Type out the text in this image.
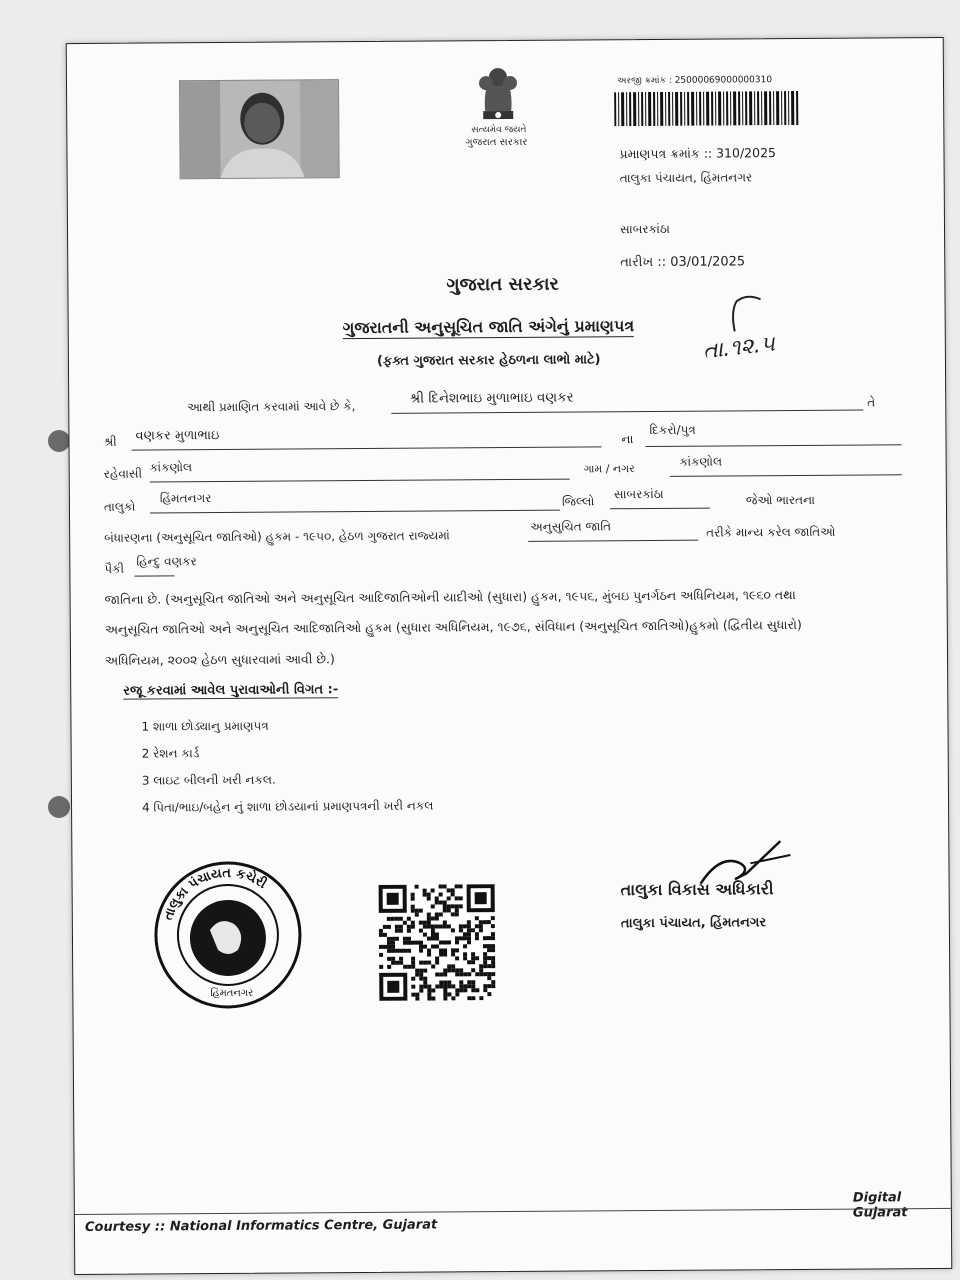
સત્યમેવ જયતે
ગુજરાત સરકાર
અરજી ક્રમાંક : 25000069000000310
પ્રમાણપત્ર ક્રમાંક :: 310/2025
તાલુકા પંચાયત, હિંમતનગર
સાબરકાંઠા
તારીખ :: 03/01/2025
ગુજરાત સરકાર
ગુજરાતની અનુસૂચિત જાતિ અંગેનું પ્રમાણપત્ર
(ફક્ત ગુજરાત સરકાર હેઠળના લાભો માટે)	તા.૧૨.૫
આથી પ્રમાણિત કરવામાં આવે છે કે,	શ્રી દિનેશભાઇ મુળાભાઇ વણકર	તે
શ્રી વણકર મુળાભાઇ	ના
દિકરો/પુત્ર
રહેવાસી કાંકણોલ	ગામ / નગર	કાંકણોલ
તાલુકો
હિંમતનગર	જિલ્લો
સાબરકાંઠા	જેઓ ભારતના
બંધારણના (અનુસૂચિત જાતિઓ) હુકમ - ૧૯૫૦, હેઠળ ગુજરાત રાજ્યમાં
અનુસુચિત જાતિ	તરીકે માન્ય કરેલ જાતિઓ
પૈકી
હિન્દુ વણકર
જાતિના છે. (અનુસૂચિત જાતિઓ અને અનુસૂચિત આદિજાતિઓની યાદીઓ (સુધારા) હુકમ, ૧૯૫૬, મુંબઇ પુનર્ગઠન અધિનિયમ, ૧૯૬૦ તથા
અનુસૂચિત જાતિઓ અને અનુસૂચિત આદિજાતિઓ હુકમ (સુધારા અધિનિયમ, ૧૯૭૬, સંવિધાન (અનુસૂચિત જાતિઓ)હુકમો (દ્વિતીય સુધારો)
અધિનિયમ, ૨૦૦૨ હેઠળ સુધારવામાં આવી છે.)
રજૂ કરવામાં આવેલ પુરાવાઓની વિગત :-
1 શાળા છોડ્યાનુ પ્રમાણપત્ર
2 રેશન કાર્ડ
3 લાઇટ બીલની ખરી નકલ.
4 પિતા/ભાઇ/બહેન નું શાળા છોડયાનાં પ્રમાણપત્રની ખરી નકલ
તાલુકા પંચાયત કચેરી
હિંમતનગર
તાલુકા વિકાસ અધિકારી
તાલુકા પંચાયત, હિંમતનગર
Digital Gujarat
Courtesy :: National Informatics Centre, Gujarat
